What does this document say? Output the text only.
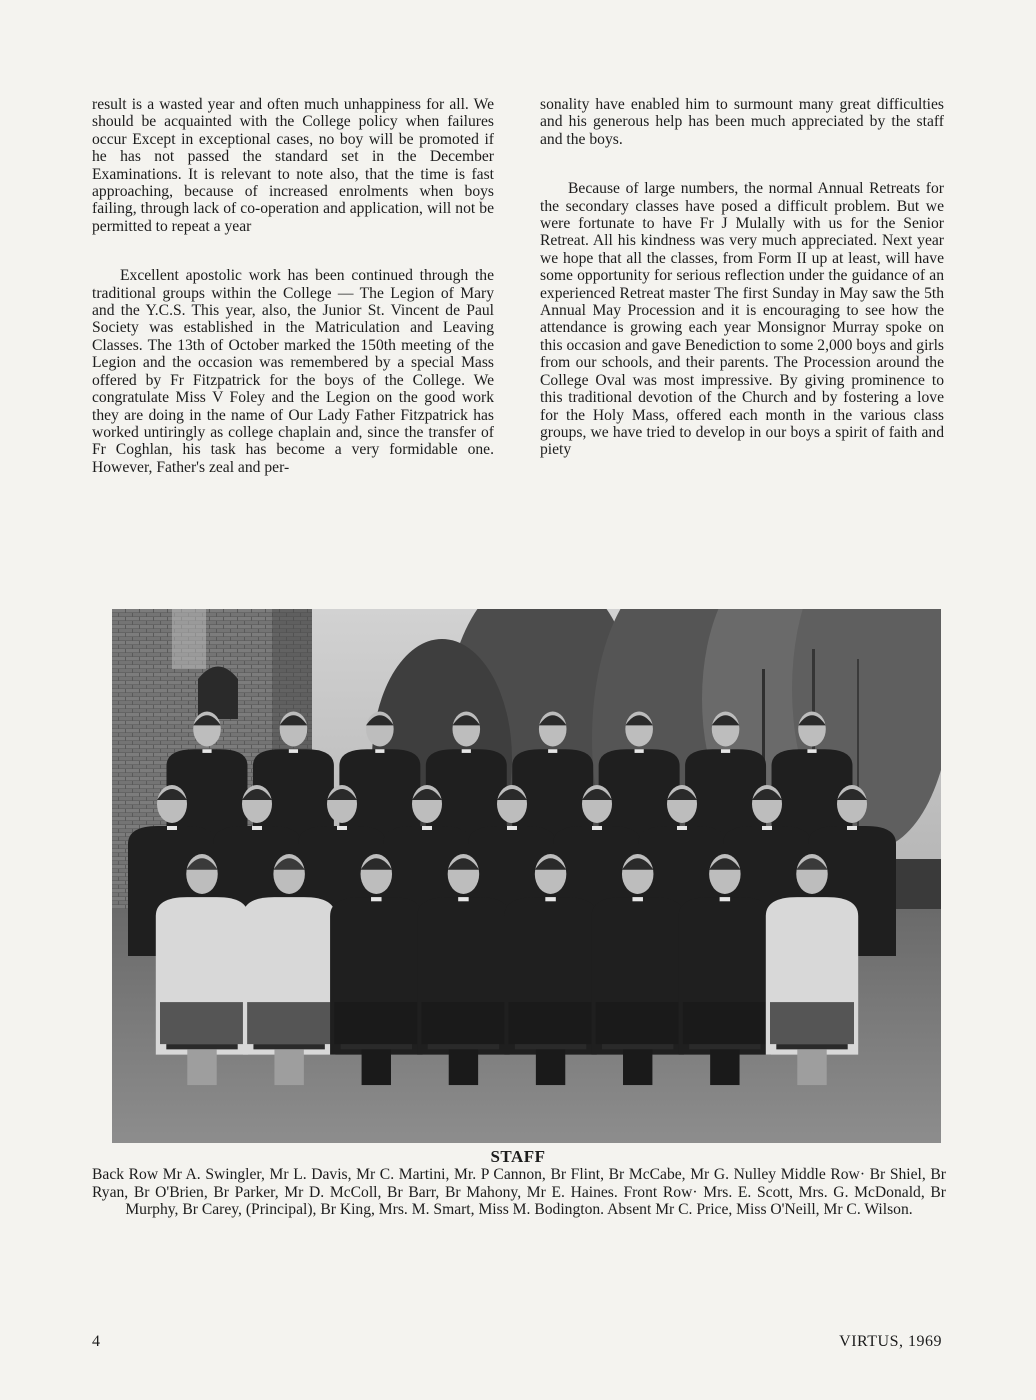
result is a wasted year and often much unhappiness for all. We should be acquainted with the College policy when failures occur Except in exceptional cases, no boy will be promoted if he has not passed the standard set in the December Examinations. It is relevant to note also, that the time is fast approaching, because of increased enrolments when boys failing, through lack of co-operation and application, will not be permitted to repeat a year

Excellent apostolic work has been continued through the traditional groups within the College — The Legion of Mary and the Y.C.S. This year, also, the Junior St. Vincent de Paul Society was established in the Matriculation and Leaving Classes. The 13th of October marked the 150th meeting of the Legion and the occasion was remembered by a special Mass offered by Fr Fitzpatrick for the boys of the College. We congratulate Miss V Foley and the Legion on the good work they are doing in the name of Our Lady Father Fitzpatrick has worked untiringly as college chaplain and, since the transfer of Fr Coghlan, his task has become a very formidable one. However, Father's zeal and per-

sonality have enabled him to surmount many great difficulties and his generous help has been much appreciated by the staff and the boys.

Because of large numbers, the normal Annual Retreats for the secondary classes have posed a difficult problem. But we were fortunate to have Fr J Mulally with us for the Senior Retreat. All his kindness was very much appreciated. Next year we hope that all the classes, from Form II up at least, will have some opportunity for serious reflection under the guidance of an experienced Retreat master The first Sunday in May saw the 5th Annual May Procession and it is encouraging to see how the attendance is growing each year Monsignor Murray spoke on this occasion and gave Benediction to some 2,000 boys and girls from our schools, and their parents. The Procession around the College Oval was most impressive. By giving prominence to this traditional devotion of the Church and by fostering a love for the Holy Mass, offered each month in the various class groups, we have tried to develop in our boys a spirit of faith and piety

STAFF
Back Row Mr A. Swingler, Mr L. Davis, Mr C. Martini, Mr. P Cannon, Br Flint, Br McCabe, Mr G. Nulley Middle Row· Br Shiel, Br Ryan, Br O'Brien, Br Parker, Mr D. McColl, Br Barr, Br Mahony, Mr E. Haines. Front Row· Mrs. E. Scott, Mrs. G. McDonald, Br Murphy, Br Carey, (Principal), Br King, Mrs. M. Smart, Miss M. Bodington. Absent Mr C. Price, Miss O'Neill, Mr C. Wilson.
4	VIRTUS, 1969
